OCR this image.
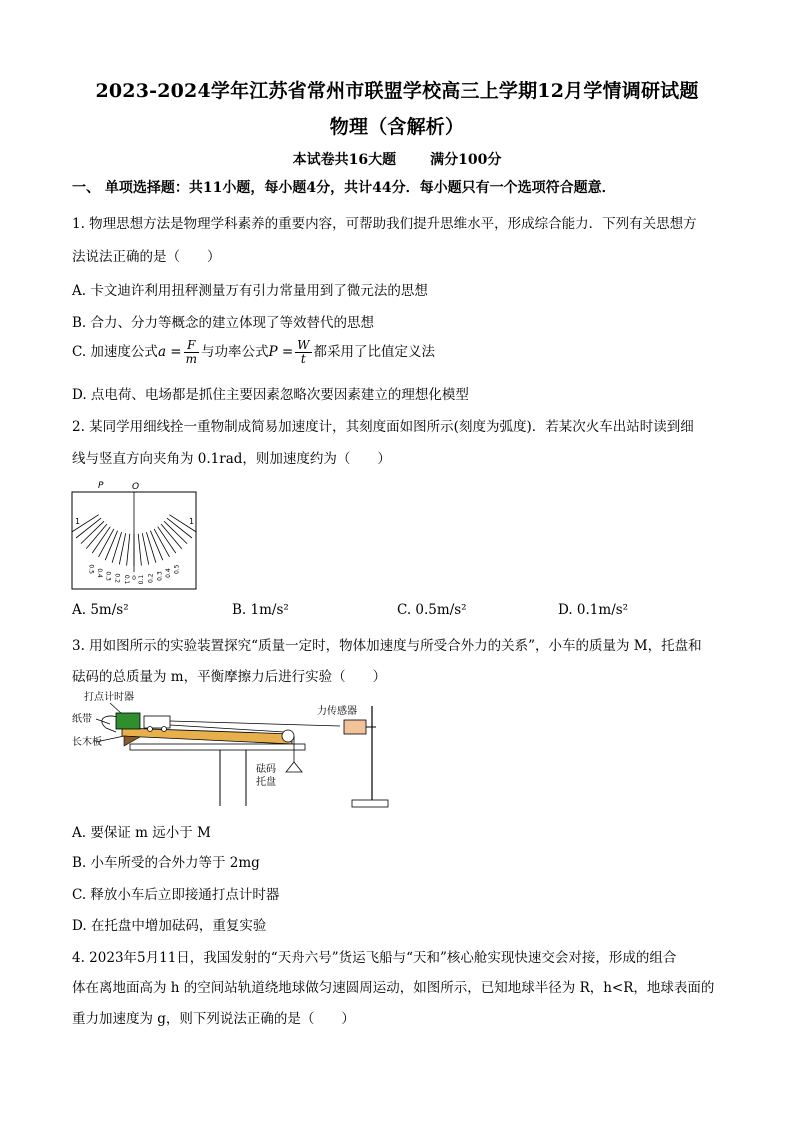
2023-2024学年江苏省常州市联盟学校高三上学期12月学情调研试题
物理（含解析）
本试卷共16大题 满分100分
一、 单项选择题：共11小题，每小题4分，共计44分．每小题只有一个选项符合题意．
1. 物理思想方法是物理学科素养的重要内容，可帮助我们提升思维水平，形成综合能力．下列有关思想方
法说法正确的是（　　）
A. 卡文迪许利用扭秤测量万有引力常量用到了微元法的思想
B. 合力、分力等概念的建立体现了等效替代的思想
C. 加速度公式$a = \frac{F}{m}$ 与功率公式$P = \frac{W}{t}$ 都采用了比值定义法
D. 点电荷、电场都是抓住主要因素忽略次要因素建立的理想化模型
2. 某同学用细线拴一重物制成简易加速度计，其刻度面如图所示(刻度为弧度)．若某次火车出站时读到细
线与竖直方向夹角为 0.1rad，则加速度约为（　　）
P	O
1	1
0.5 0.4 0.3 0.2 0.1 0 0.1 0.2 0.3 0.4 0.5
A. 5m/s²	B. 1m/s²	C. 0.5m/s²	D. 0.1m/s²
3. 用如图所示的实验装置探究“质量一定时，物体加速度与所受合外力的关系”，小车的质量为 M，托盘和
砝码的总质量为 m，平衡摩擦力后进行实验（　　）
打点计时器
纸带
长木板
力传感器
砝码
托盘
A. 要保证 m 远小于 M
B. 小车所受的合外力等于 2mg
C. 释放小车后立即接通打点计时器
D. 在托盘中增加砝码，重复实验
4. 2023年5月11日，我国发射的“天舟六号”货运飞船与“天和”核心舱实现快速交会对接，形成的组合
体在离地面高为 h 的空间站轨道绕地球做匀速圆周运动，如图所示，已知地球半径为 R，h<R，地球表面的
重力加速度为 g，则下列说法正确的是（　　）
